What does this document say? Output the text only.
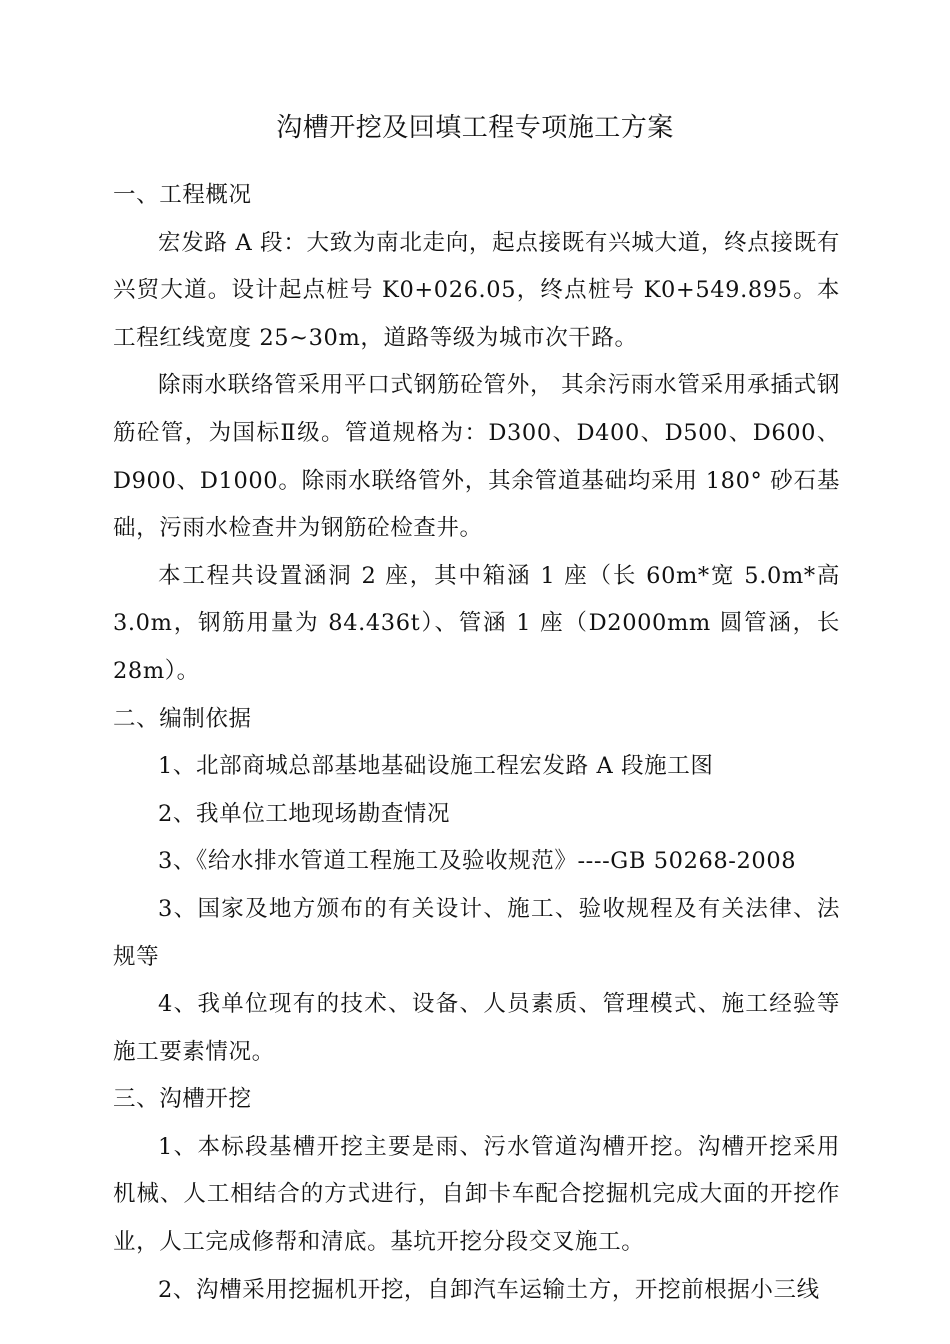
沟槽开挖及回填工程专项施工方案

一、工程概况

宏发路 A 段：大致为南北走向，起点接既有兴城大道，终点接既有兴贸大道。设计起点桩号 K0+026.05，终点桩号 K0+549.895。本工程红线宽度 25~30m，道路等级为城市次干路。

除雨水联络管采用平口式钢筋砼管外， 其余污雨水管采用承插式钢筋砼管，为国标Ⅱ级。管道规格为：D300、D400、D500、D600、D900、D1000。除雨水联络管外，其余管道基础均采用 180° 砂石基础，污雨水检查井为钢筋砼检查井。

本工程共设置涵洞 2 座，其中箱涵 1 座（长 60m*宽 5.0m*高 3.0m，钢筋用量为 84.436t）、管涵 1 座（D2000mm 圆管涵，长 28m）。

二、编制依据

1、北部商城总部基地基础设施工程宏发路 A 段施工图

2、我单位工地现场勘查情况

3、《给水排水管道工程施工及验收规范》----GB 50268-2008

3、国家及地方颁布的有关设计、施工、验收规程及有关法律、法规等

4、我单位现有的技术、设备、人员素质、管理模式、施工经验等施工要素情况。

三、沟槽开挖

1、本标段基槽开挖主要是雨、污水管道沟槽开挖。沟槽开挖采用机械、人工相结合的方式进行，自卸卡车配合挖掘机完成大面的开挖作业，人工完成修帮和清底。基坑开挖分段交叉施工。

2、沟槽采用挖掘机开挖，自卸汽车运输土方，开挖前根据小三线
